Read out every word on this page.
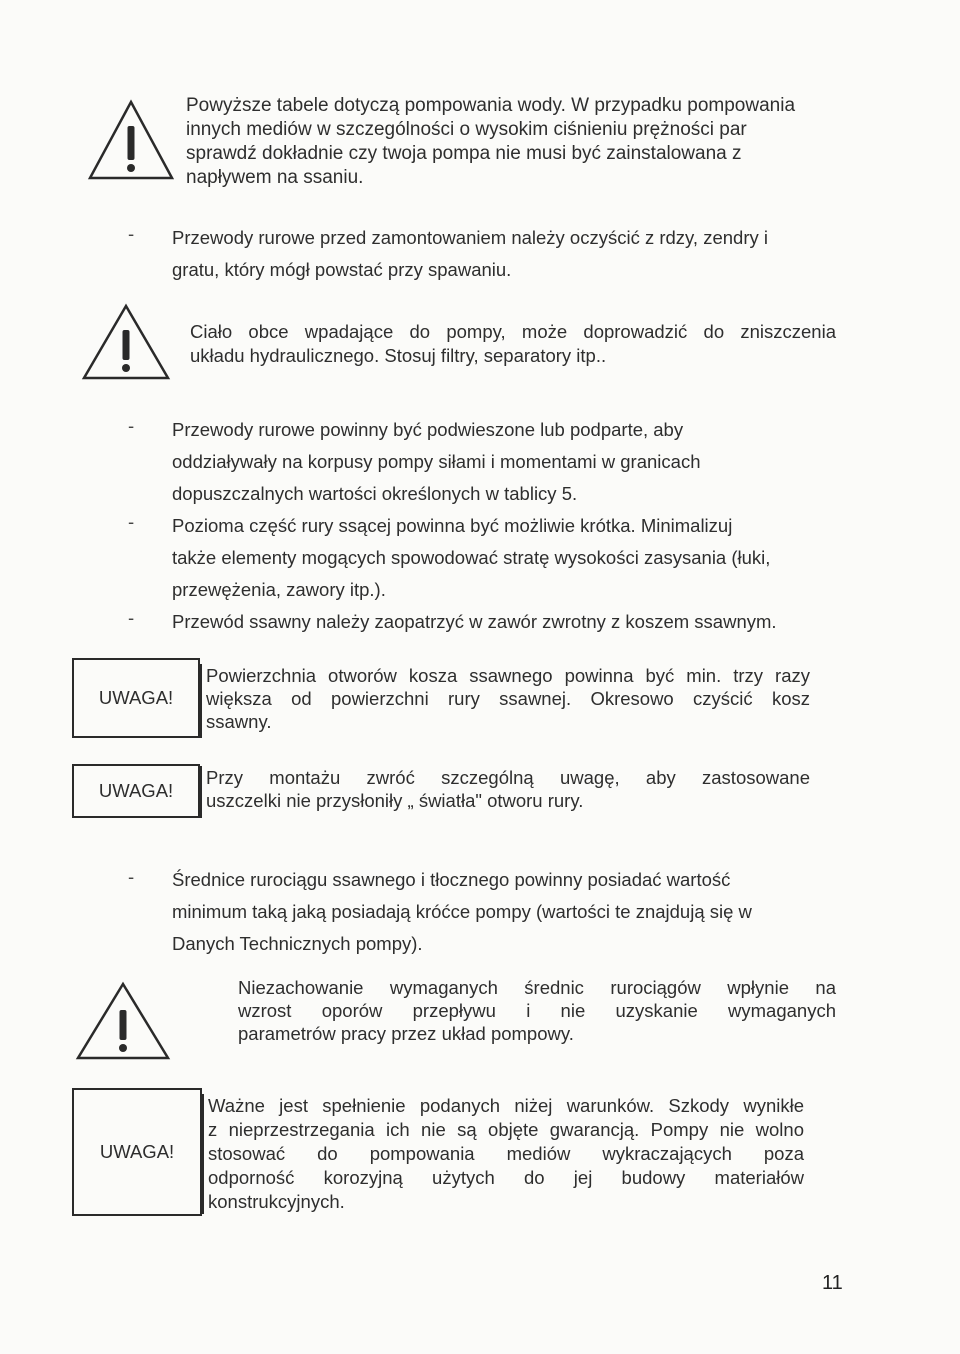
Powyższe tabele dotyczą pompowania wody. W przypadku pompowania
innych mediów w szczególności o wysokim ciśnieniu prężności par
sprawdź dokładnie czy twoja pompa nie musi być zainstalowana z
napływem na ssaniu.
- Przewody rurowe przed zamontowaniem należy oczyścić z rdzy, zendry i
gratu, który mógł powstać przy spawaniu.
Ciało obce wpadające do pompy, może doprowadzić do zniszczenia
układu hydraulicznego. Stosuj filtry, separatory itp..
- Przewody rurowe powinny być podwieszone lub podparte, aby
oddziaływały na korpusy pompy siłami i momentami w granicach
dopuszczalnych wartości określonych w tablicy 5.
- Pozioma część rury ssącej powinna być możliwie krótka. Minimalizuj
także elementy mogących spowodować stratę wysokości zasysania (łuki,
przewężenia, zawory itp.).
- Przewód ssawny należy zaopatrzyć w zawór zwrotny z koszem ssawnym.
UWAGA!
Powierzchnia otworów kosza ssawnego powinna być min. trzy razy
większa od powierzchni rury ssawnej. Okresowo czyścić kosz
ssawny.
UWAGA!
Przy montażu zwróć szczególną uwagę, aby zastosowane
uszczelki nie przysłoniły „ światła" otworu rury.
- Średnice rurociągu ssawnego i tłocznego powinny posiadać wartość
minimum taką jaką posiadają króćce pompy (wartości te znajdują się w
Danych Technicznych pompy).
Niezachowanie wymaganych średnic rurociągów wpłynie na
wzrost oporów przepływu i nie uzyskanie wymaganych
parametrów pracy przez układ pompowy.
UWAGA!
Ważne jest spełnienie podanych niżej warunków. Szkody wynikłe
z nieprzestrzegania ich nie są objęte gwarancją. Pompy nie wolno
stosować do pompowania mediów wykraczających poza
odporność korozyjną użytych do jej budowy materiałów
konstrukcyjnych.
11
